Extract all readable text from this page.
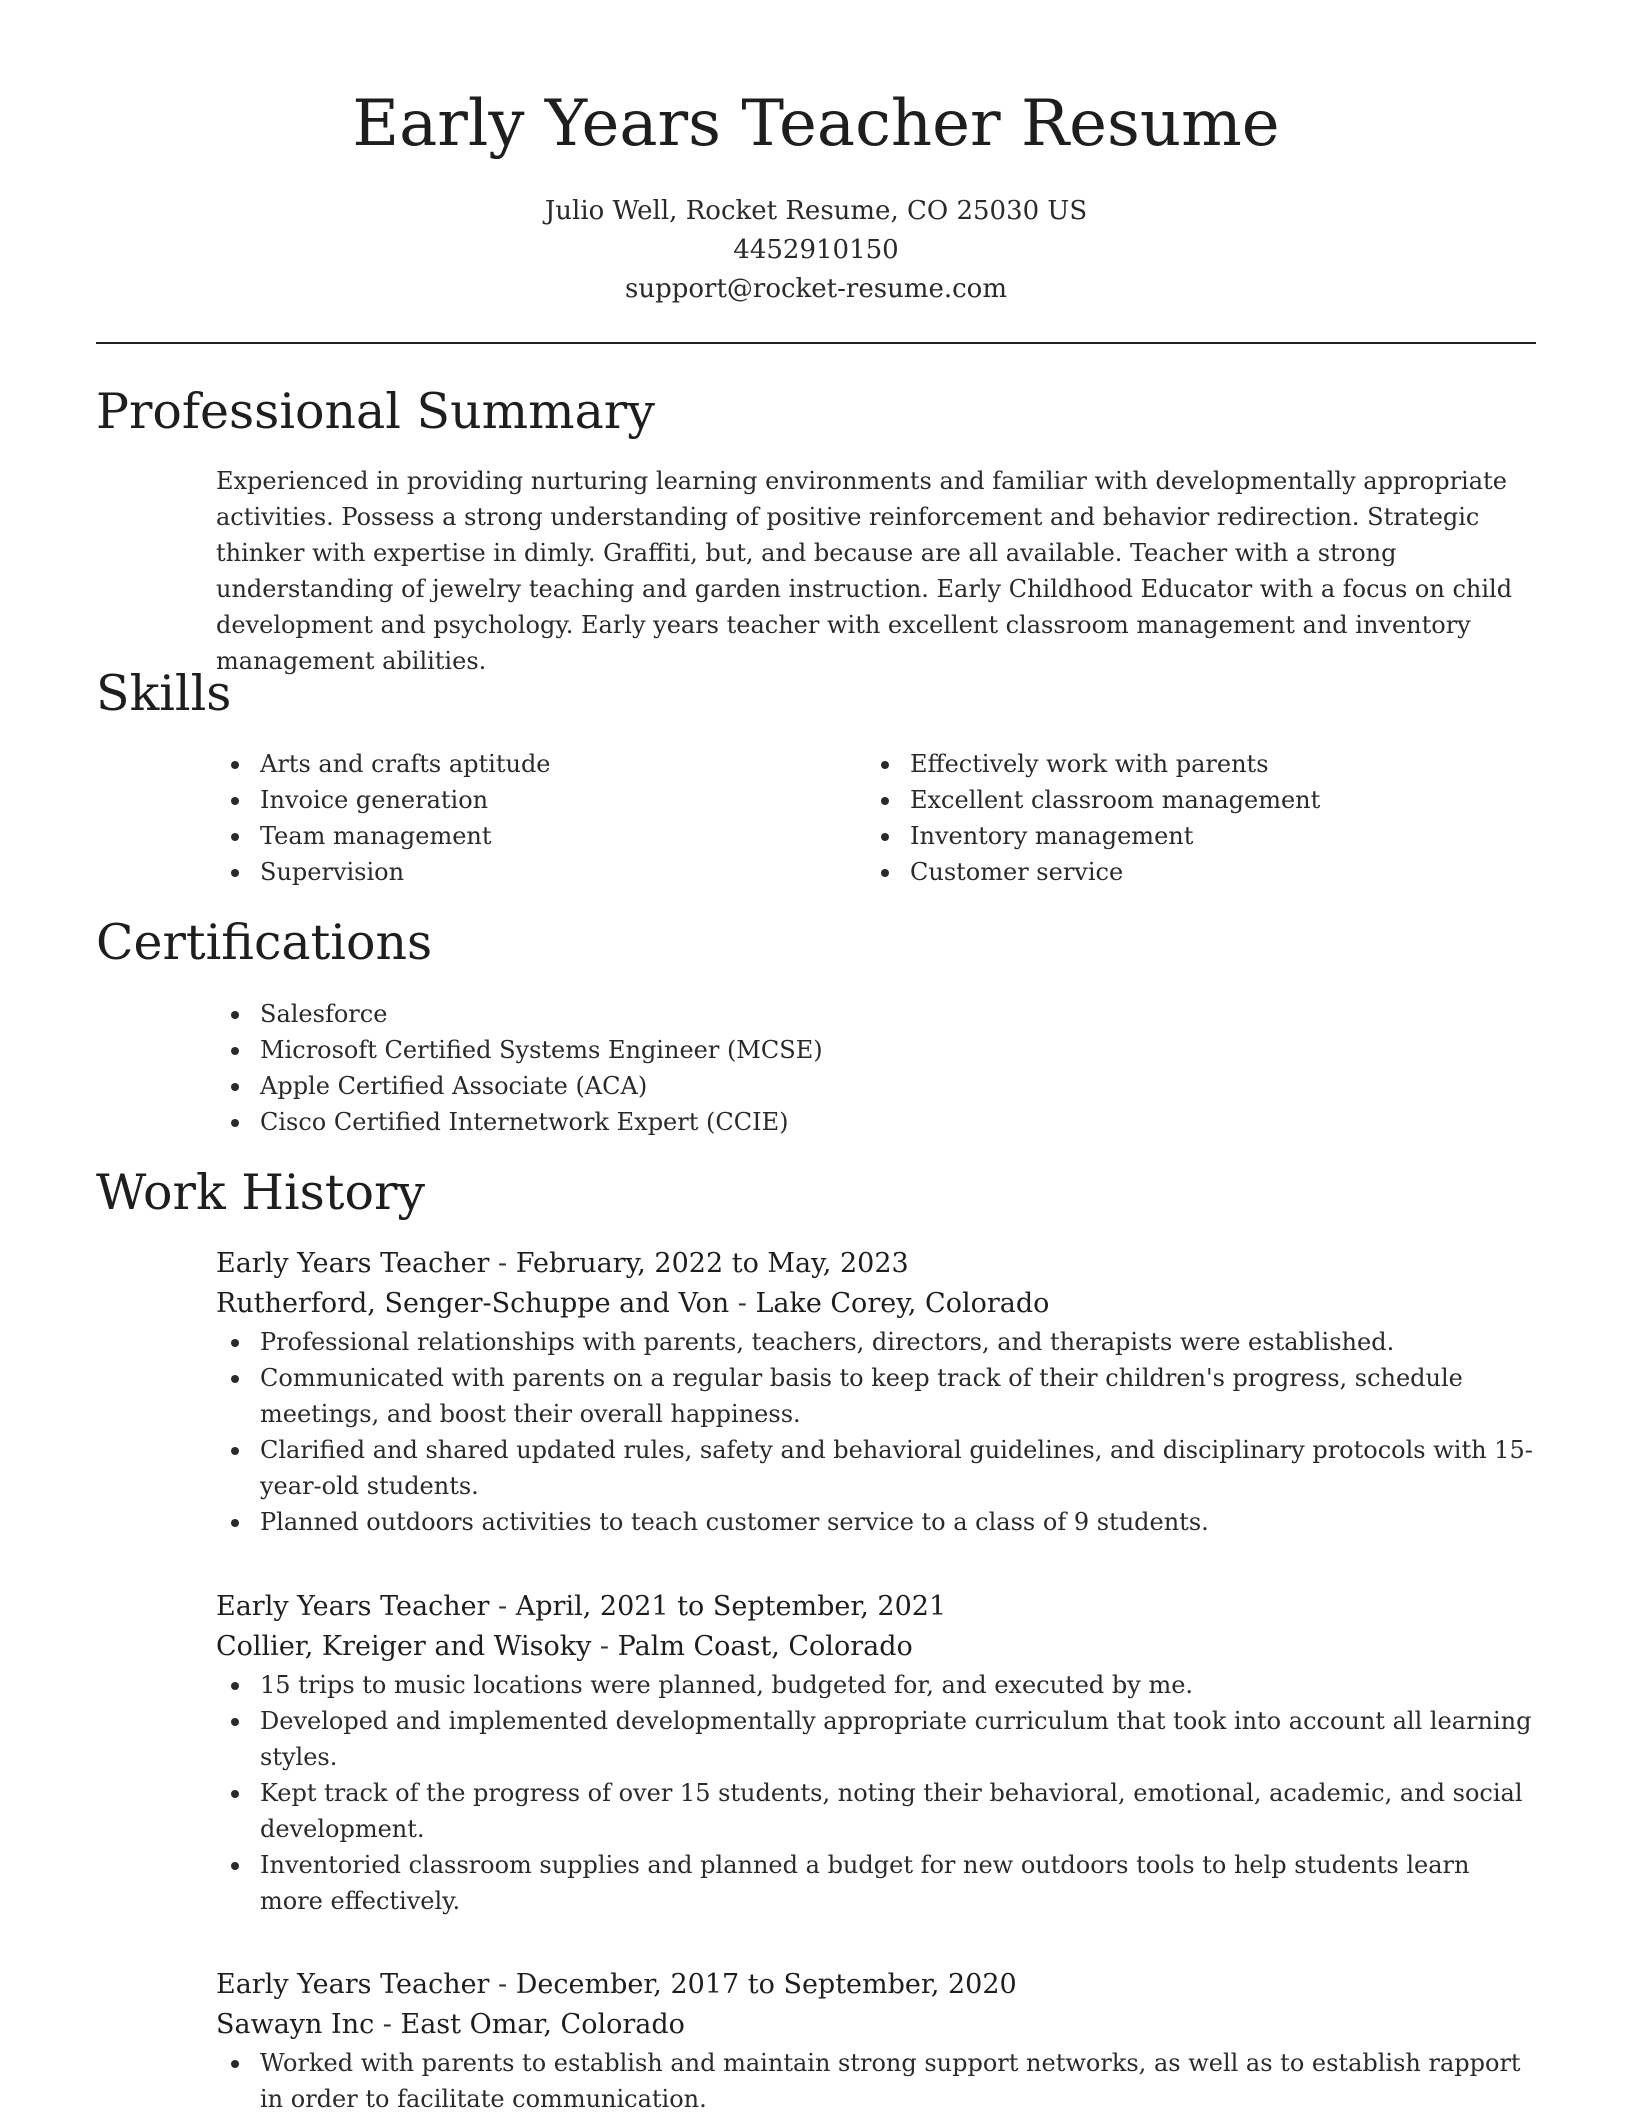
Early Years Teacher Resume
Julio Well, Rocket Resume, CO 25030 US
4452910150
support@rocket-resume.com
Professional Summary

Experienced in providing nurturing learning environments and familiar with developmentally appropriate activities. Possess a strong understanding of positive reinforcement and behavior redirection. Strategic thinker with expertise in dimly. Graffiti, but, and because are all available. Teacher with a strong understanding of jewelry teaching and garden instruction. Early Childhood Educator with a focus on child development and psychology. Early years teacher with excellent classroom management and inventory management abilities.

Skills
Arts and crafts aptitude
Invoice generation
Team management
Supervision
Effectively work with parents
Excellent classroom management
Inventory management
Customer service
Certifications
Salesforce
Microsoft Certified Systems Engineer (MCSE)
Apple Certified Associate (ACA)
Cisco Certified Internetwork Expert (CCIE)
Work History
Early Years Teacher - February, 2022 to May, 2023
Rutherford, Senger-Schuppe and Von - Lake Corey, Colorado
Professional relationships with parents, teachers, directors, and therapists were established.
Communicated with parents on a regular basis to keep track of their children's progress, schedule meetings, and boost their overall happiness.
Clarified and shared updated rules, safety and behavioral guidelines, and disciplinary protocols with 15-year-old students.
Planned outdoors activities to teach customer service to a class of 9 students.
Early Years Teacher - April, 2021 to September, 2021
Collier, Kreiger and Wisoky - Palm Coast, Colorado
15 trips to music locations were planned, budgeted for, and executed by me.
Developed and implemented developmentally appropriate curriculum that took into account all learning styles.
Kept track of the progress of over 15 students, noting their behavioral, emotional, academic, and social development.
Inventoried classroom supplies and planned a budget for new outdoors tools to help students learn more effectively.
Early Years Teacher - December, 2017 to September, 2020
Sawayn Inc - East Omar, Colorado
Worked with parents to establish and maintain strong support networks, as well as to establish rapport in order to facilitate communication.
